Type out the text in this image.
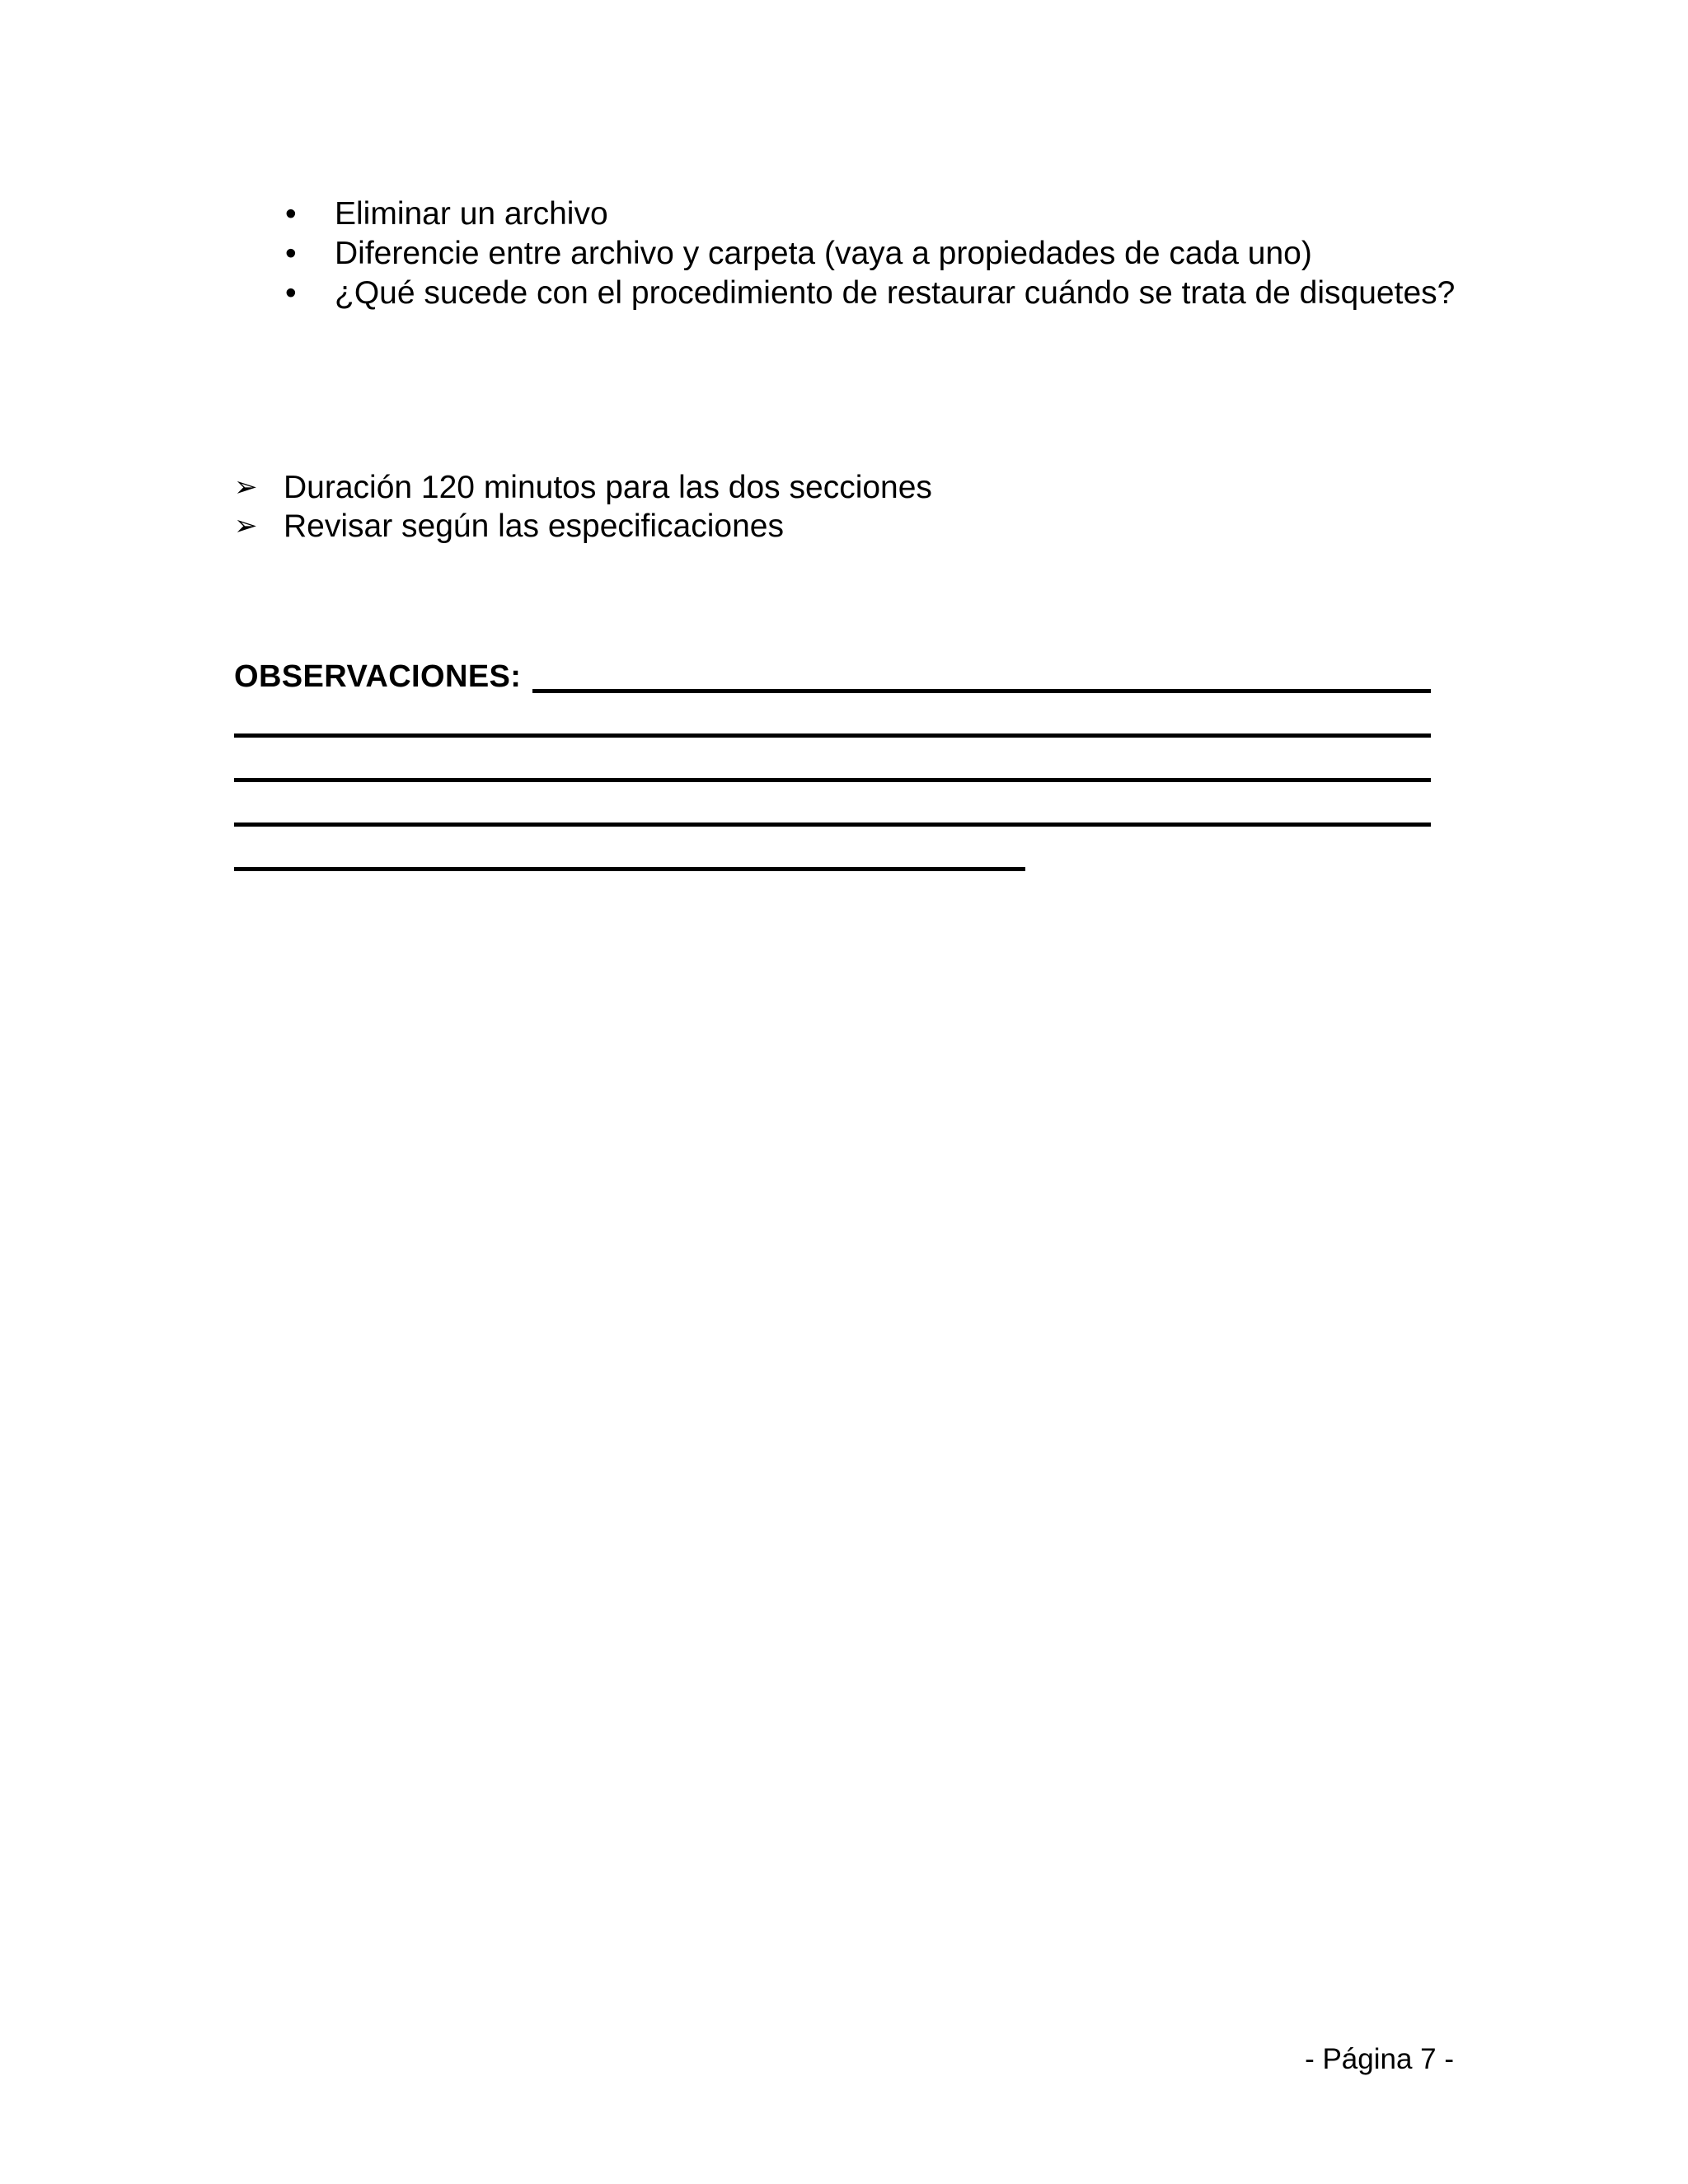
• Eliminar un archivo
• Diferencie entre archivo y carpeta (vaya a propiedades de cada uno)
• ¿Qué sucede con el procedimiento de restaurar cuándo se trata de disquetes?
➢ Duración 120 minutos para las dos secciones
➢ Revisar según las especificaciones
OBSERVACIONES:
- Página 7 -
